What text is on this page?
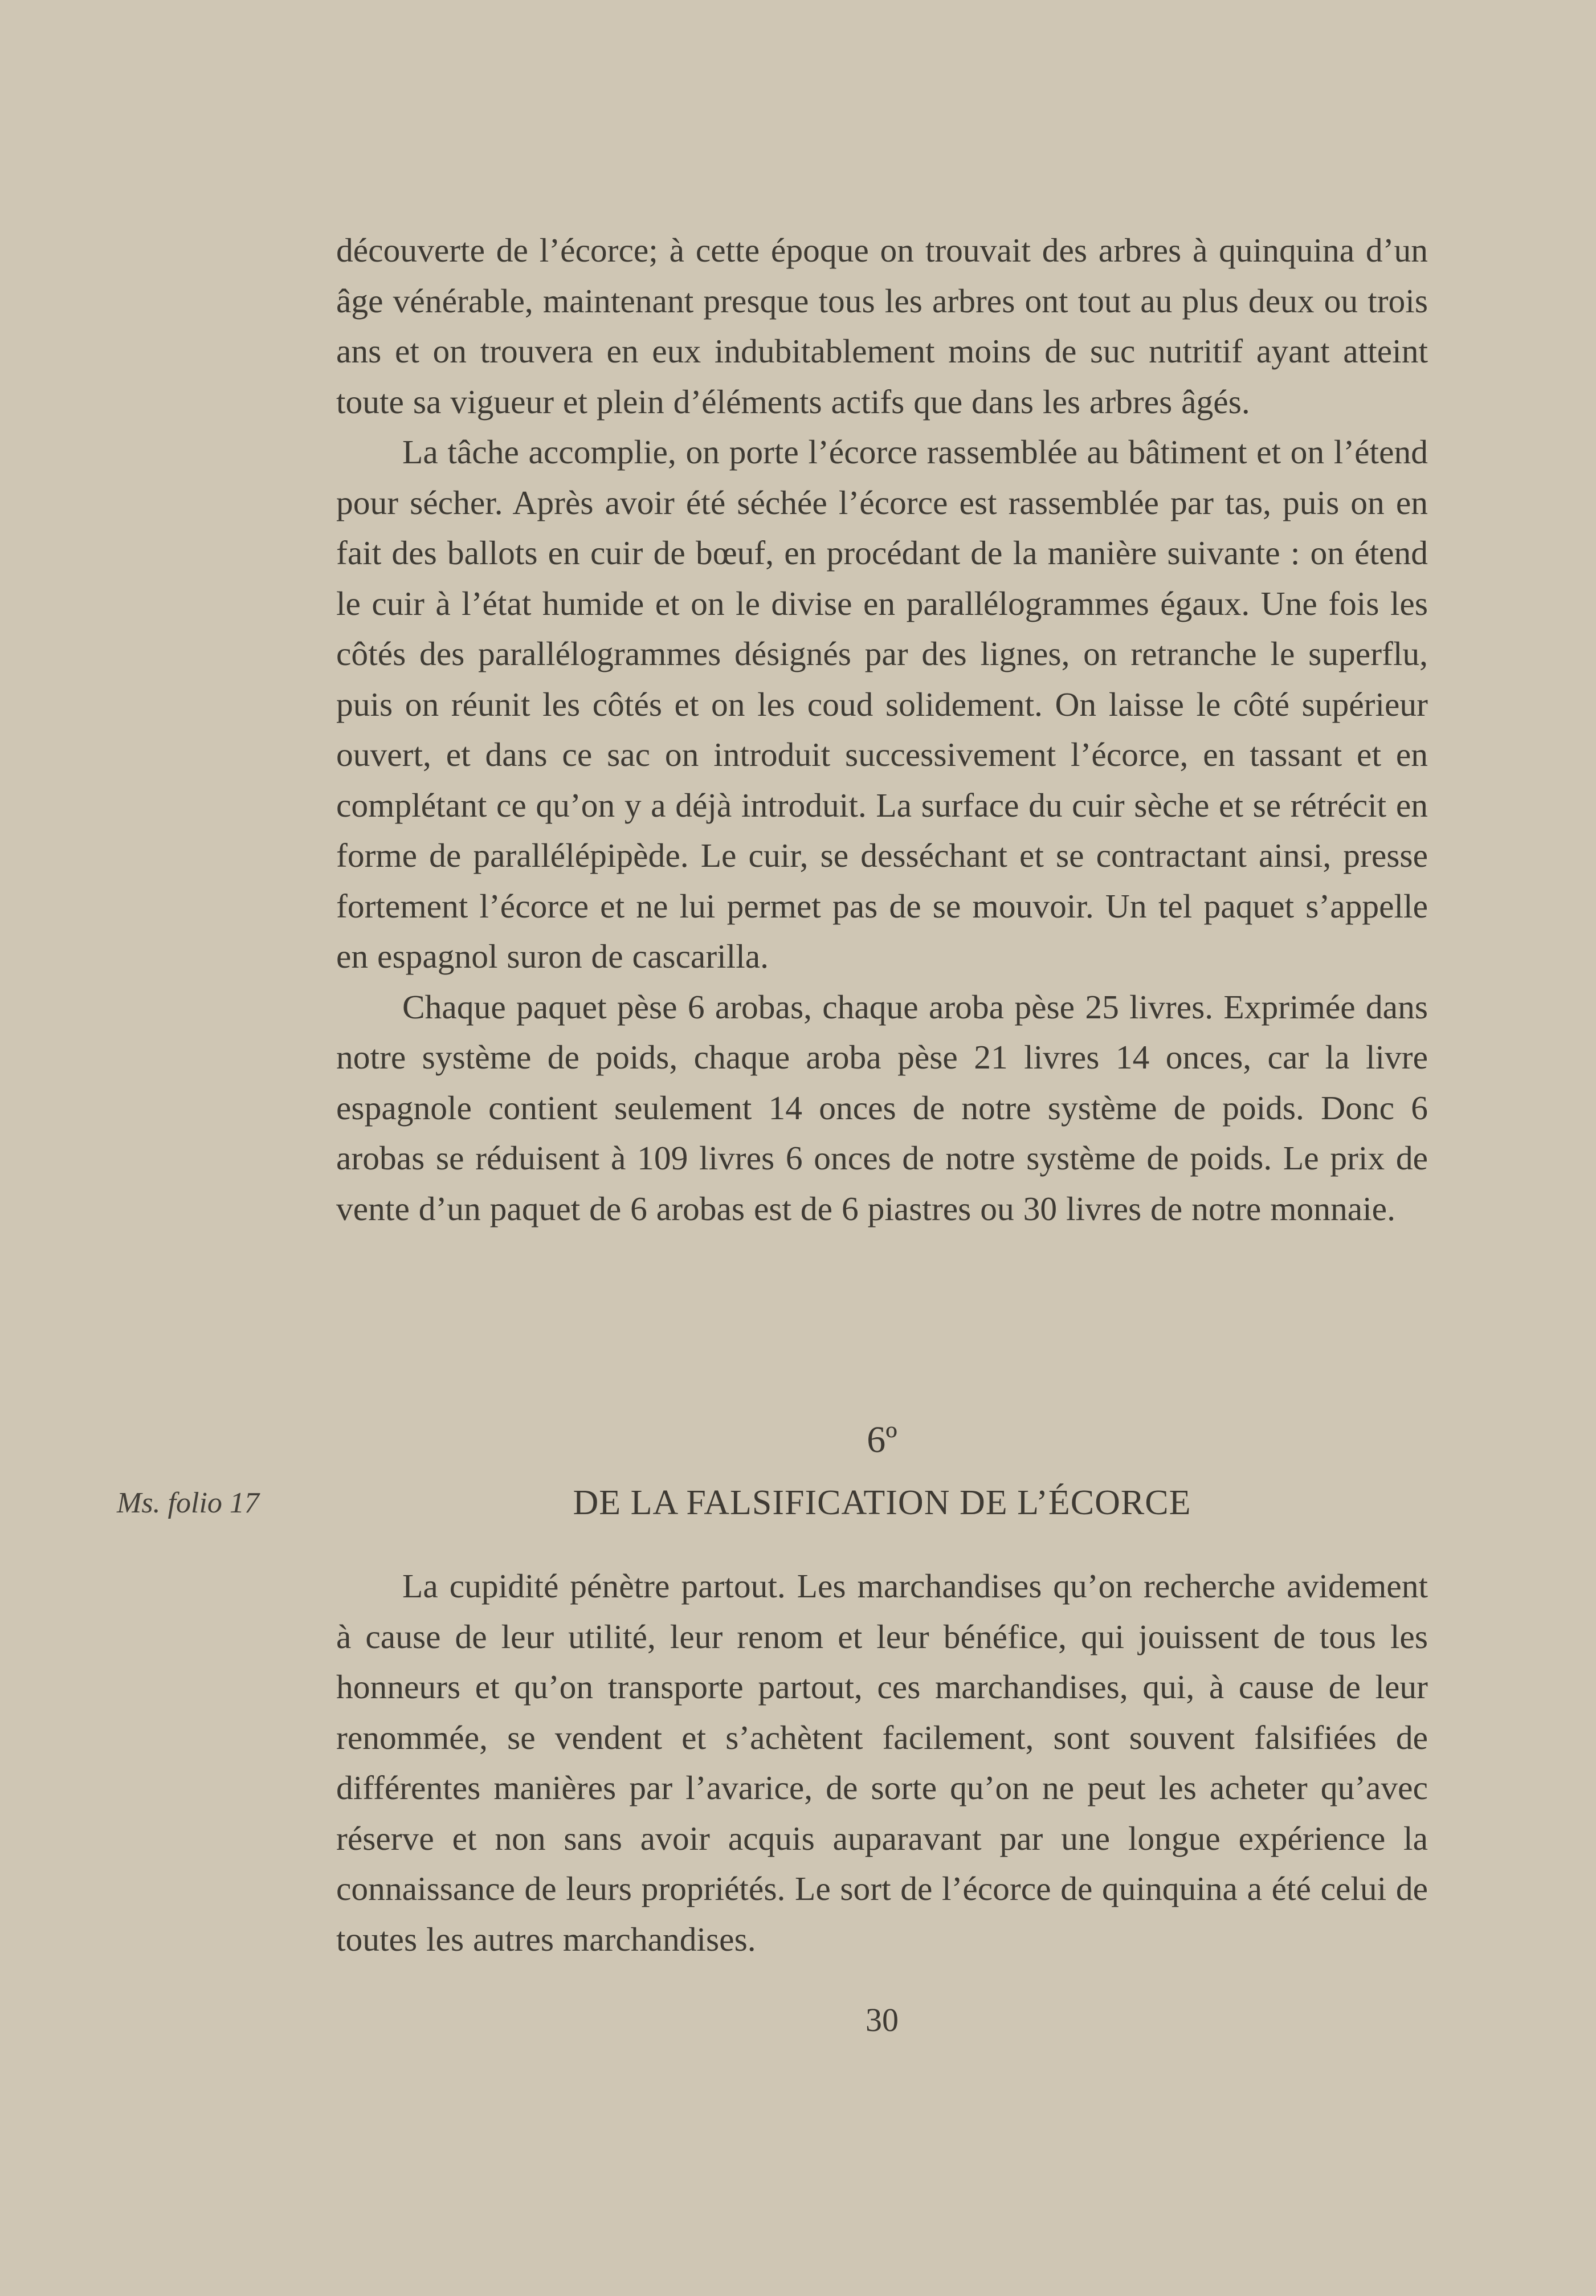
découverte de l’écorce; à cette époque on trouvait des arbres à quinquina d’un âge vénérable, maintenant presque tous les arbres ont tout au plus deux ou trois ans et on trouvera en eux indubitablement moins de suc nutritif ayant atteint toute sa vigueur et plein d’éléments actifs que dans les arbres âgés.

La tâche accomplie, on porte l’écorce rassemblée au bâtiment et on l’étend pour sécher. Après avoir été séchée l’écorce est rassemblée par tas, puis on en fait des ballots en cuir de bœuf, en procédant de la manière suivante : on étend le cuir à l’état humide et on le divise en parallélogrammes égaux. Une fois les côtés des parallélogrammes désignés par des lignes, on retranche le superflu, puis on réunit les côtés et on les coud solidement. On laisse le côté supérieur ouvert, et dans ce sac on introduit successivement l’écorce, en tassant et en complétant ce qu’on y a déjà introduit. La surface du cuir sèche et se rétrécit en forme de parallélépipède. Le cuir, se desséchant et se contractant ainsi, presse fortement l’écorce et ne lui permet pas de se mouvoir. Un tel paquet s’appelle en espagnol suron de cascarilla.

Chaque paquet pèse 6 arobas, chaque aroba pèse 25 livres. Exprimée dans notre système de poids, chaque aroba pèse 21 livres 14 onces, car la livre espagnole contient seulement 14 onces de notre système de poids. Donc 6 arobas se réduisent à 109 livres 6 onces de notre système de poids. Le prix de vente d’un paquet de 6 arobas est de 6 piastres ou 30 livres de notre monnaie.

6º
Ms. folio 17	DE LA FALSIFICATION DE L’ÉCORCE

La cupidité pénètre partout. Les marchandises qu’on recherche avidement à cause de leur utilité, leur renom et leur bénéfice, qui jouissent de tous les honneurs et qu’on transporte partout, ces marchandises, qui, à cause de leur renommée, se vendent et s’achètent facilement, sont souvent falsifiées de différentes manières par l’avarice, de sorte qu’on ne peut les acheter qu’avec réserve et non sans avoir acquis auparavant par une longue expérience la connaissance de leurs propriétés. Le sort de l’écorce de quinquina a été celui de toutes les autres marchandises.

30
